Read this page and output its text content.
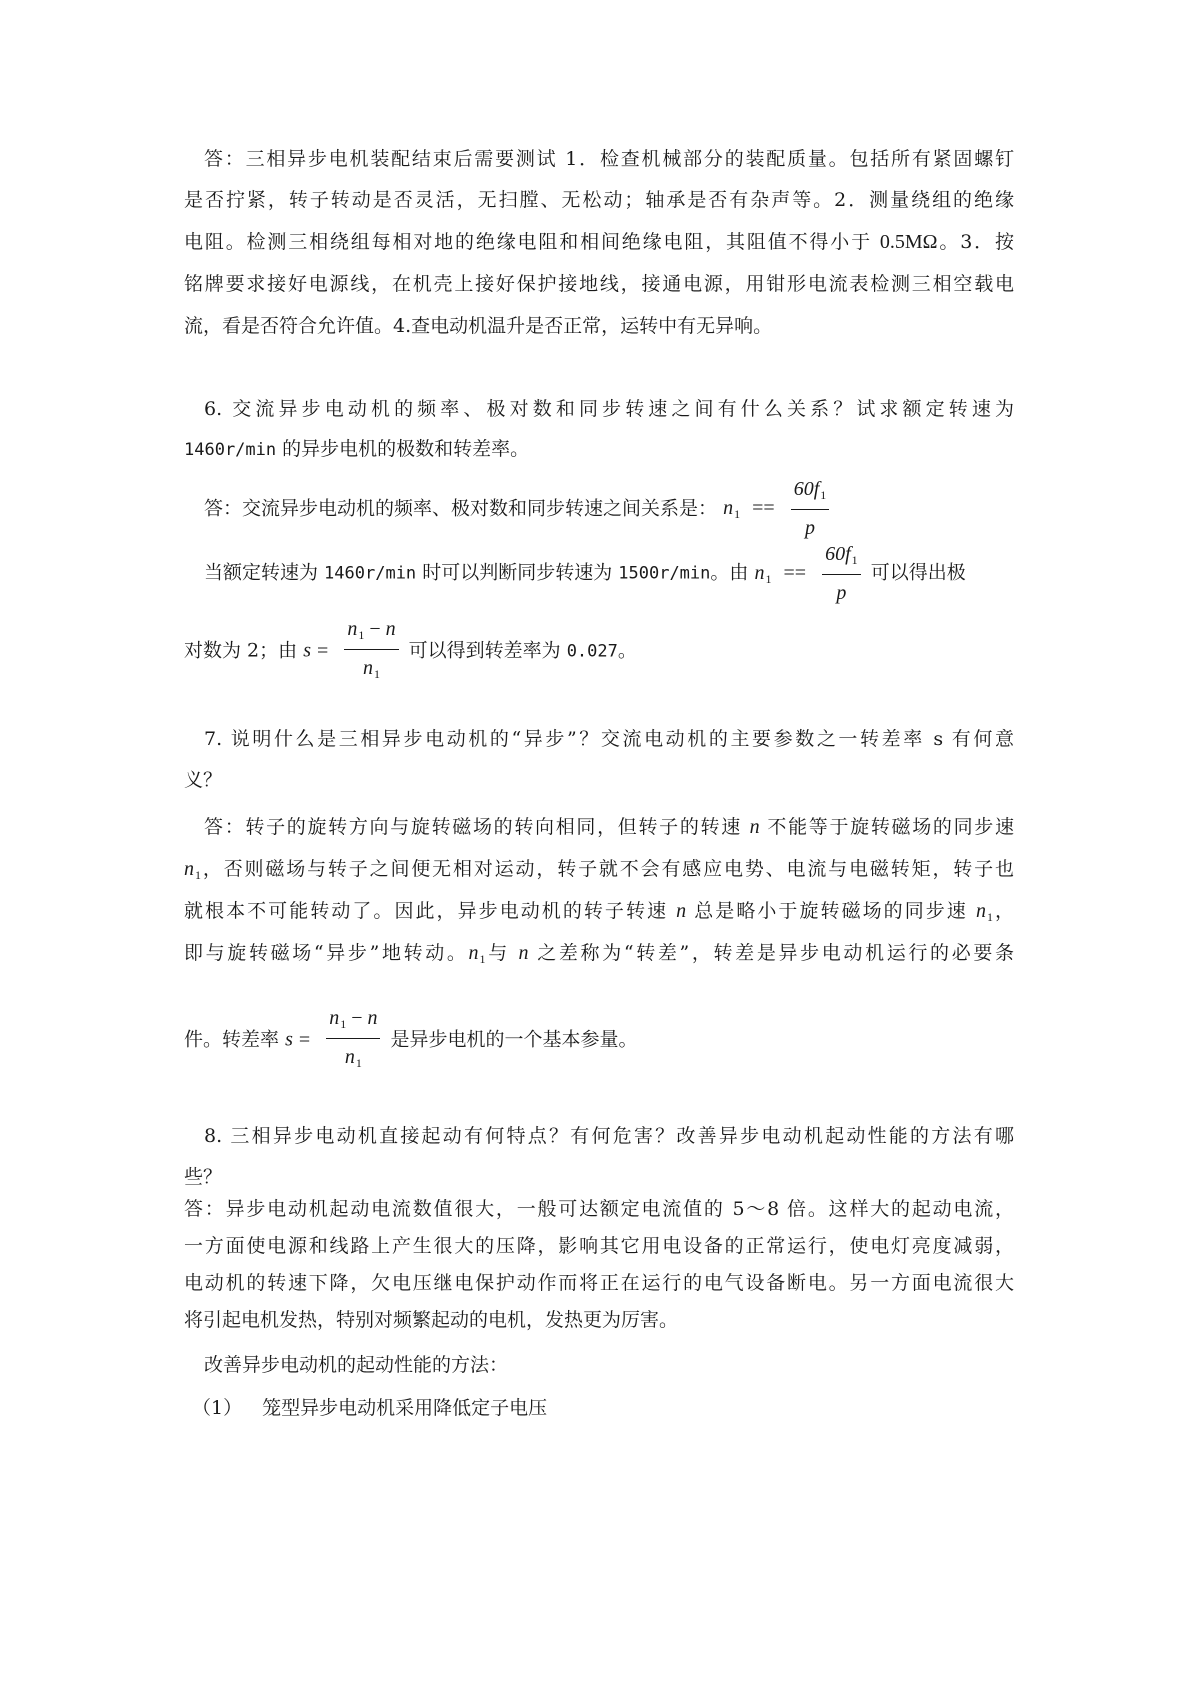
答：三相异步电机装配结束后需要测试 1．检查机械部分的装配质量。包括所有紧固螺钉
是否拧紧，转子转动是否灵活，无扫膛、无松动；轴承是否有杂声等。2．测量绕组的绝缘
电阻。检测三相绕组每相对地的绝缘电阻和相间绝缘电阻，其阻值不得小于 0.5MΩ。3．按
铭牌要求接好电源线，在机壳上接好保护接地线，接通电源，用钳形电流表检测三相空载电
流，看是否符合允许值。4.查电动机温升是否正常，运转中有无异响。
6. 交流异步电动机的频率、极对数和同步转速之间有什么关系？试求额定转速为
1460r/min 的异步电机的极数和转差率。
答：交流异步电动机的频率、极对数和同步转速之间关系是： $n_1 == \frac{60f_1}{p}$
当额定转速为 1460r/min 时可以判断同步转速为 1500r/min。由 $n_1 == \frac{60f_1}{p}$ 可以得出极
对数为 2；由 $s = \frac{n_1 - n}{n_1}$ 可以得到转差率为 0.027。
7. 说明什么是三相异步电动机的“异步”？交流电动机的主要参数之一转差率 s 有何意
义？
答：转子的旋转方向与旋转磁场的转向相同，但转子的转速 n 不能等于旋转磁场的同步速
$n_1$，否则磁场与转子之间便无相对运动，转子就不会有感应电势、电流与电磁转矩，转子也
就根本不可能转动了。因此，异步电动机的转子转速 n 总是略小于旋转磁场的同步速 $n_1$，
即与旋转磁场“异步”地转动。$n_1$与 n 之差称为“转差”，转差是异步电动机运行的必要条
件。转差率 $s = \frac{n_1 - n}{n_1}$ 是异步电机的一个基本参量。
8. 三相异步电动机直接起动有何特点？有何危害？改善异步电动机起动性能的方法有哪
些？
答：异步电动机起动电流数值很大，一般可达额定电流值的 5～8 倍。这样大的起动电流，
一方面使电源和线路上产生很大的压降，影响其它用电设备的正常运行，使电灯亮度减弱，
电动机的转速下降，欠电压继电保护动作而将正在运行的电气设备断电。另一方面电流很大
将引起电机发热，特别对频繁起动的电机，发热更为厉害。
改善异步电动机的起动性能的方法：
（1） 笼型异步电动机采用降低定子电压
